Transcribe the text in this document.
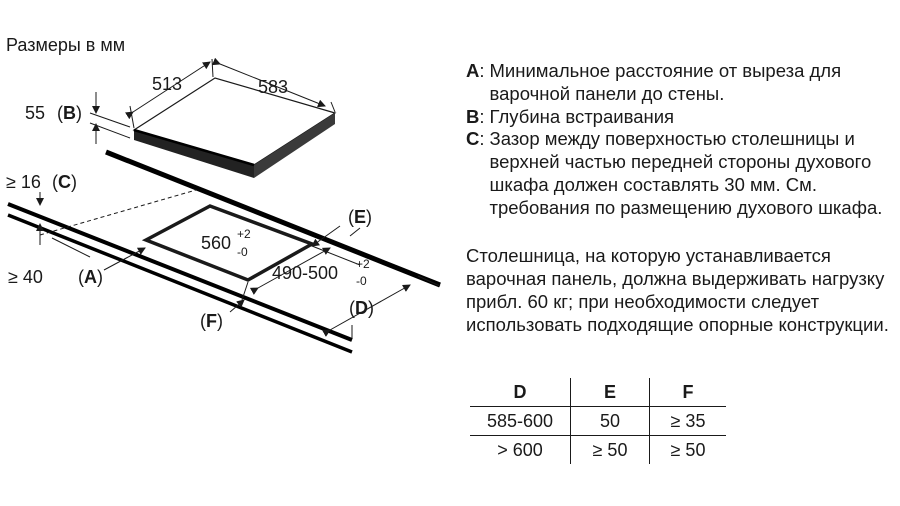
Размеры в мм
513	583
55 (B)
≥ 16 (C)
≥ 40 (A)
560 +2
-0
490-500 +2
-0
(E)
(D)
(F)
A : Минимальное расстояние от выреза для варочной панели до стены.
B : Глубина встраивания
C : Зазор между поверхностью столешницы и верхней частью передней стороны духового шкафа должен составлять 30 мм. См. требования по размещению духового шкафа.
Столешница, на которую устанавливается варочная панель, должна выдерживать нагрузку прибл. 60 кг; при необходимости следует использовать подходящие опорные конструкции.
D	E	F
585-600	50	≥ 35
> 600	≥ 50	≥ 50
